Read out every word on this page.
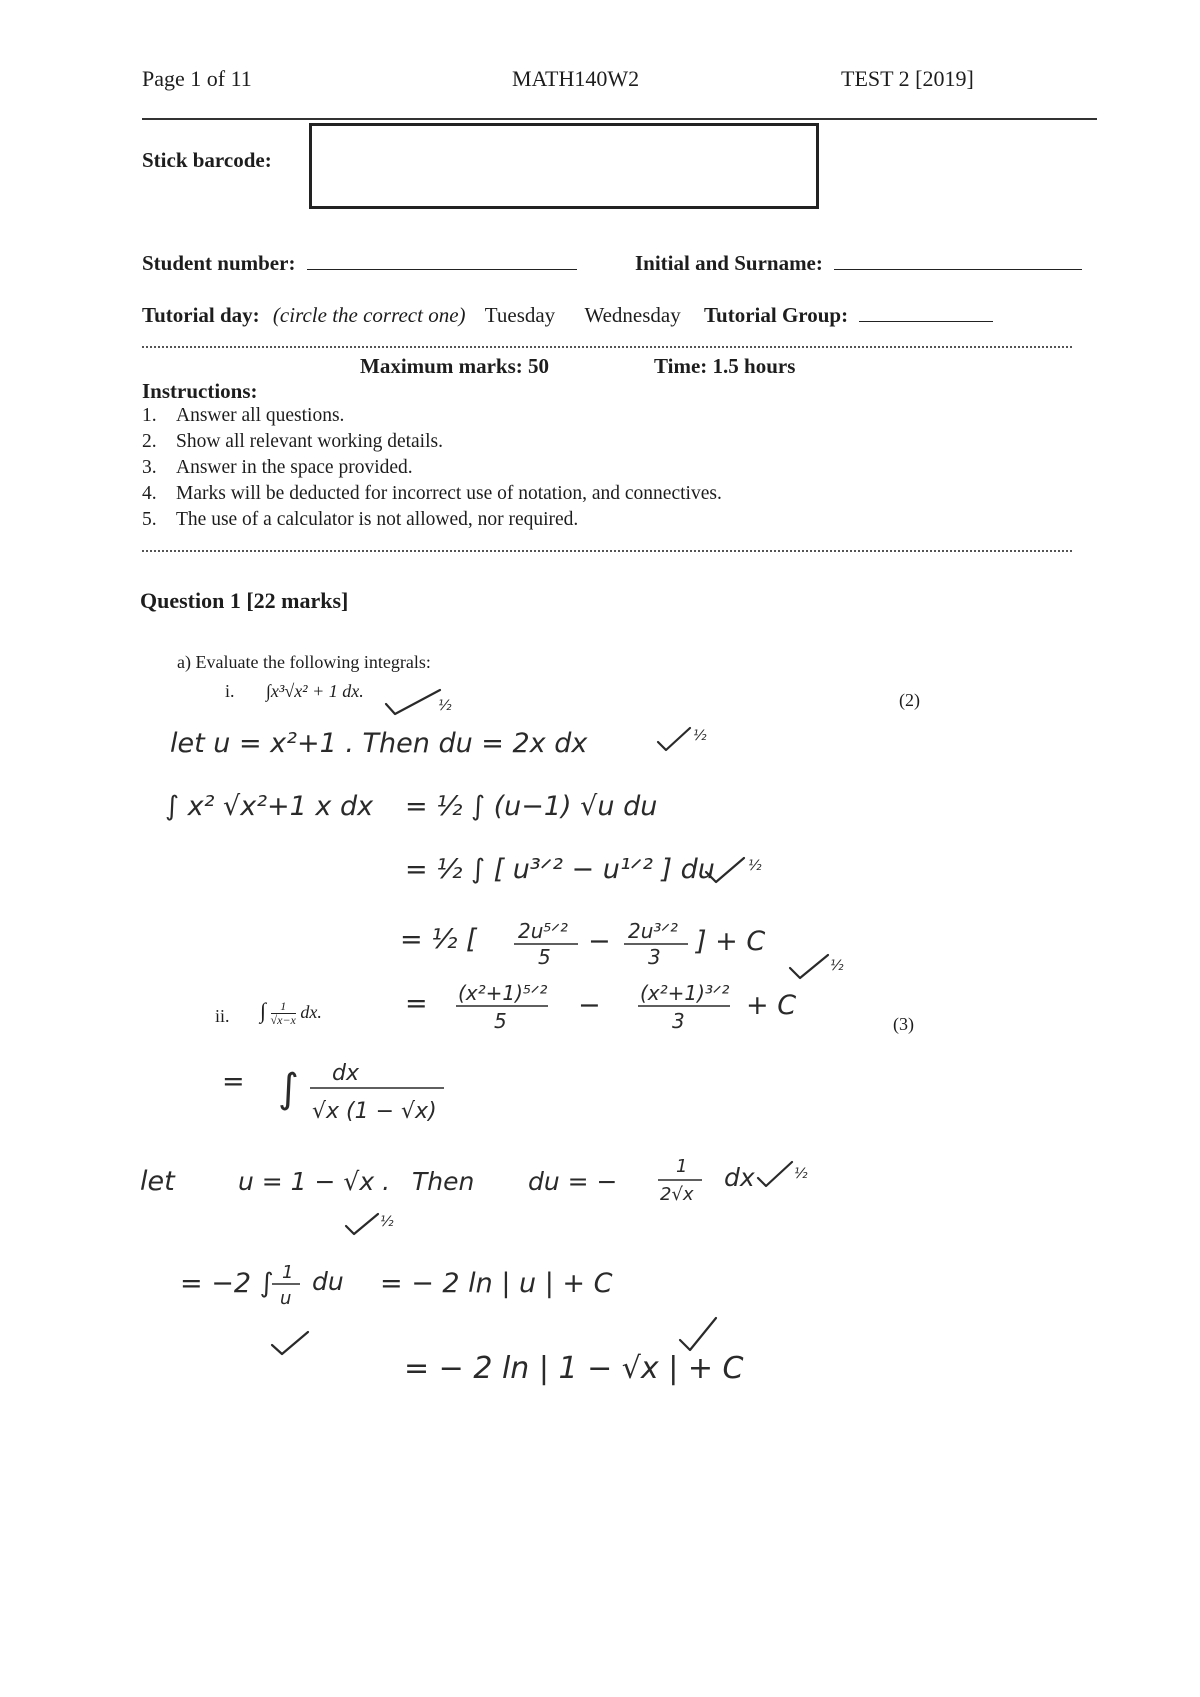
Page 1 of 11	MATH140W2	TEST 2 [2019]
Stick barcode:
Student number:	Initial and Surname:
Tutorial day: (circle the correct one) Tuesday Wednesday Tutorial Group:
Maximum marks: 50	Time: 1.5 hours
Instructions:
1. Answer all questions.
2. Show all relevant working details.
3. Answer in the space provided.
4. Marks will be deducted for incorrect use of notation, and connectives.
5. The use of a calculator is not allowed, nor required.
Question 1 [22 marks]
a) Evaluate the following integrals:
i. ∫x³√x² + 1 dx.	(2)
ii. ∫ $\frac{1}{√x-x}$ dx.
(3)
let u = x²+1 . Then du = 2x dx	½
½
∫ x² √x²+1 x dx = ½ ∫ (u−1) √u du
= ½ ∫ [ u³ᐟ² − u¹ᐟ² ] du ½
= ½ [ 2u⁵ᐟ²
5 − 2u³ᐟ²
3 ] + C
½
= (x²+1)⁵ᐟ²
5	− (x²+1)³ᐟ²
3 + C
= ∫ dx
√x (1 − √x)
let	u = 1 − √x . Then du = −
1
2√x
dx	½
½
= −2 ∫ 1
u
du = − 2 ln | u | + C
= − 2 ln | 1 − √x | + C
